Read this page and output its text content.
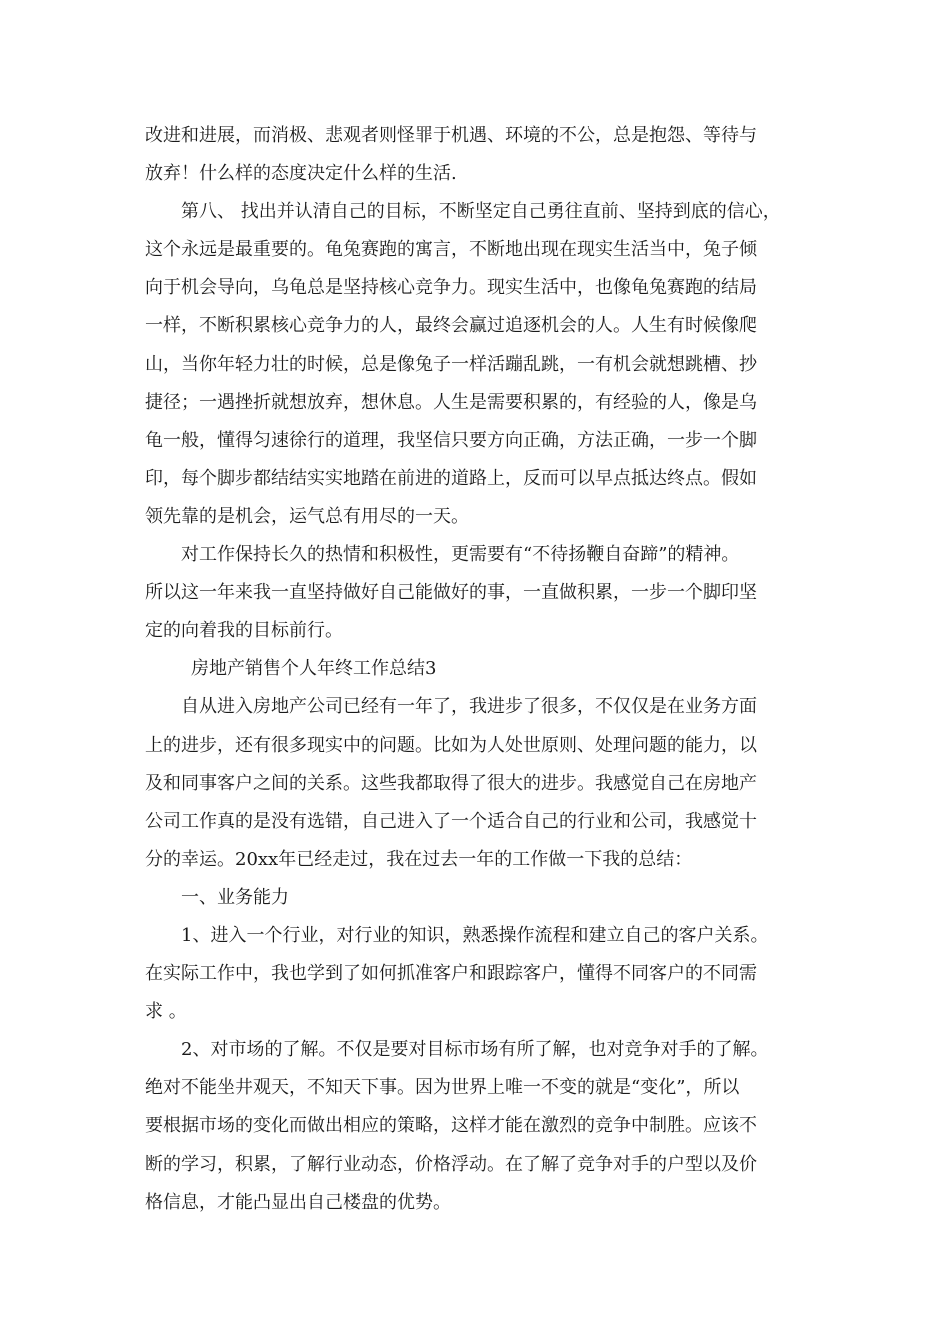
改进和进展，而消极、悲观者则怪罪于机遇、环境的不公，总是抱怨、等待与
放弃！什么样的态度决定什么样的生活.
第八、 找出并认清自己的目标，不断坚定自己勇往直前、坚持到底的信心，
这个永远是最重要的。龟兔赛跑的寓言，不断地出现在现实生活当中，兔子倾
向于机会导向，乌龟总是坚持核心竞争力。现实生活中，也像龟兔赛跑的结局
一样，不断积累核心竞争力的人，最终会赢过追逐机会的人。人生有时候像爬
山，当你年轻力壮的时候，总是像兔子一样活蹦乱跳，一有机会就想跳槽、抄
捷径；一遇挫折就想放弃，想休息。人生是需要积累的，有经验的人，像是乌
龟一般，懂得匀速徐行的道理，我坚信只要方向正确，方法正确，一步一个脚
印，每个脚步都结结实实地踏在前进的道路上，反而可以早点抵达终点。假如
领先靠的是机会，运气总有用尽的一天。
对工作保持长久的热情和积极性，更需要有“不待扬鞭自奋蹄”的精神。
所以这一年来我一直坚持做好自己能做好的事，一直做积累，一步一个脚印坚
定的向着我的目标前行。
房地产销售个人年终工作总结3
自从进入房地产公司已经有一年了，我进步了很多，不仅仅是在业务方面
上的进步，还有很多现实中的问题。比如为人处世原则、处理问题的能力，以
及和同事客户之间的关系。这些我都取得了很大的进步。我感觉自己在房地产
公司工作真的是没有选错，自己进入了一个适合自己的行业和公司，我感觉十
分的幸运。20xx年已经走过，我在过去一年的工作做一下我的总结：
一、业务能力
1、进入一个行业，对行业的知识，熟悉操作流程和建立自己的客户关系。
在实际工作中，我也学到了如何抓准客户和跟踪客户，懂得不同客户的不同需
求 。
2、对市场的了解。不仅是要对目标市场有所了解，也对竞争对手的了解。
绝对不能坐井观天，不知天下事。因为世界上唯一不变的就是“变化”，所以
要根据市场的变化而做出相应的策略，这样才能在激烈的竞争中制胜。应该不
断的学习，积累，了解行业动态，价格浮动。在了解了竞争对手的户型以及价
格信息，才能凸显出自己楼盘的优势。
